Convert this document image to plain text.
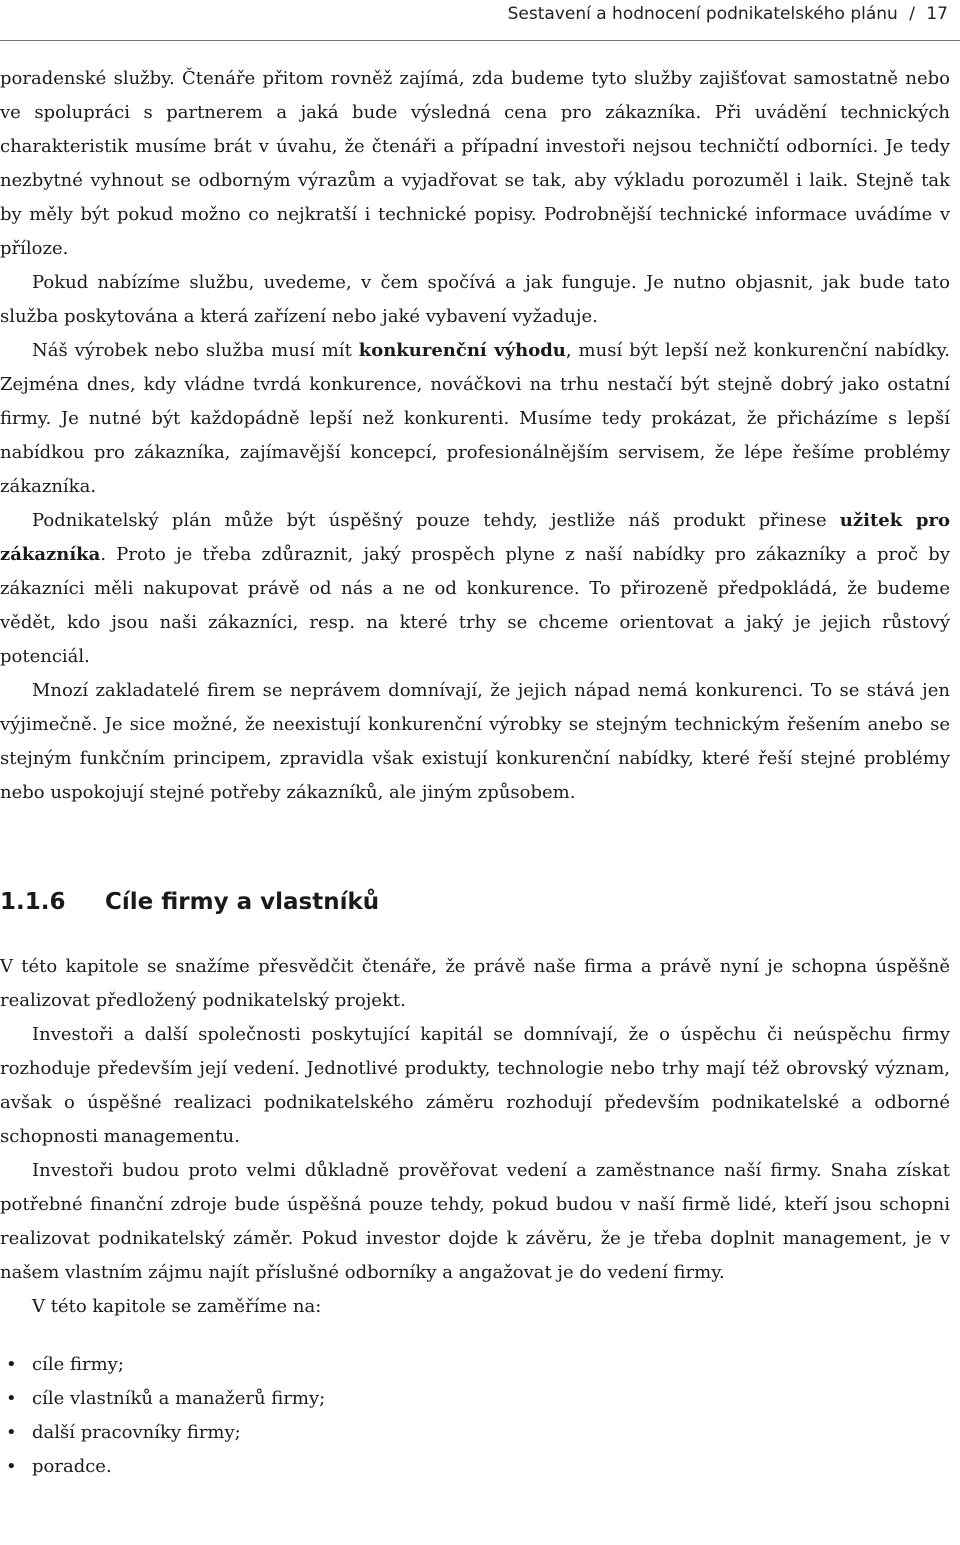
Sestavení a hodnocení podnikatelského plánu / 17

poradenské služby. Čtenáře přitom rovněž zajímá, zda budeme tyto služby zajišťovat samostatně nebo ve spolupráci s partnerem a jaká bude výsledná cena pro zákazníka. Při uvádění technických charakteristik musíme brát v úvahu, že čtenáři a případní investoři nejsou techničtí odborníci. Je tedy nezbytné vyhnout se odborným výrazům a vyjadřovat se tak, aby výkladu porozuměl i laik. Stejně tak by měly být pokud možno co nejkratší i technické popisy. Podrobnější technické informace uvádíme v příloze.

Pokud nabízíme službu, uvedeme, v čem spočívá a jak funguje. Je nutno objasnit, jak bude tato služba poskytována a která zařízení nebo jaké vybavení vyžaduje.

Náš výrobek nebo služba musí mít konkurenční výhodu, musí být lepší než konkurenční nabídky. Zejména dnes, kdy vládne tvrdá konkurence, nováčkovi na trhu nestačí být stejně dobrý jako ostatní firmy. Je nutné být každopádně lepší než konkurenti. Musíme tedy prokázat, že přicházíme s lepší nabídkou pro zákazníka, zajímavější koncepcí, profesionálnějším servisem, že lépe řešíme problémy zákazníka.

Podnikatelský plán může být úspěšný pouze tehdy, jestliže náš produkt přinese užitek pro zákazníka. Proto je třeba zdůraznit, jaký prospěch plyne z naší nabídky pro zákazníky a proč by zákazníci měli nakupovat právě od nás a ne od konkurence. To přirozeně předpokládá, že budeme vědět, kdo jsou naši zákazníci, resp. na které trhy se chceme orientovat a jaký je jejich růstový potenciál.

Mnozí zakladatelé firem se neprávem domnívají, že jejich nápad nemá konkurenci. To se stává jen výjimečně. Je sice možné, že neexistují konkurenční výrobky se stejným technickým řešením anebo se stejným funkčním principem, zpravidla však existují konkurenční nabídky, které řeší stejné problémy nebo uspokojují stejné potřeby zákazníků, ale jiným způsobem.

1.1.6 Cíle firmy a vlastníků

V této kapitole se snažíme přesvědčit čtenáře, že právě naše firma a právě nyní je schopna úspěšně realizovat předložený podnikatelský projekt.

Investoři a další společnosti poskytující kapitál se domnívají, že o úspěchu či neúspěchu firmy rozhoduje především její vedení. Jednotlivé produkty, technologie nebo trhy mají též obrovský význam, avšak o úspěšné realizaci podnikatelského záměru rozhodují především podnikatelské a odborné schopnosti managementu.

Investoři budou proto velmi důkladně prověřovat vedení a zaměstnance naší firmy. Snaha získat potřebné finanční zdroje bude úspěšná pouze tehdy, pokud budou v naší firmě lidé, kteří jsou schopni realizovat podnikatelský záměr. Pokud investor dojde k závěru, že je třeba doplnit management, je v našem vlastním zájmu najít příslušné odborníky a angažovat je do vedení firmy.

V této kapitole se zaměříme na:

• cíle firmy;
• cíle vlastníků a manažerů firmy;
• další pracovníky firmy;
• poradce.
